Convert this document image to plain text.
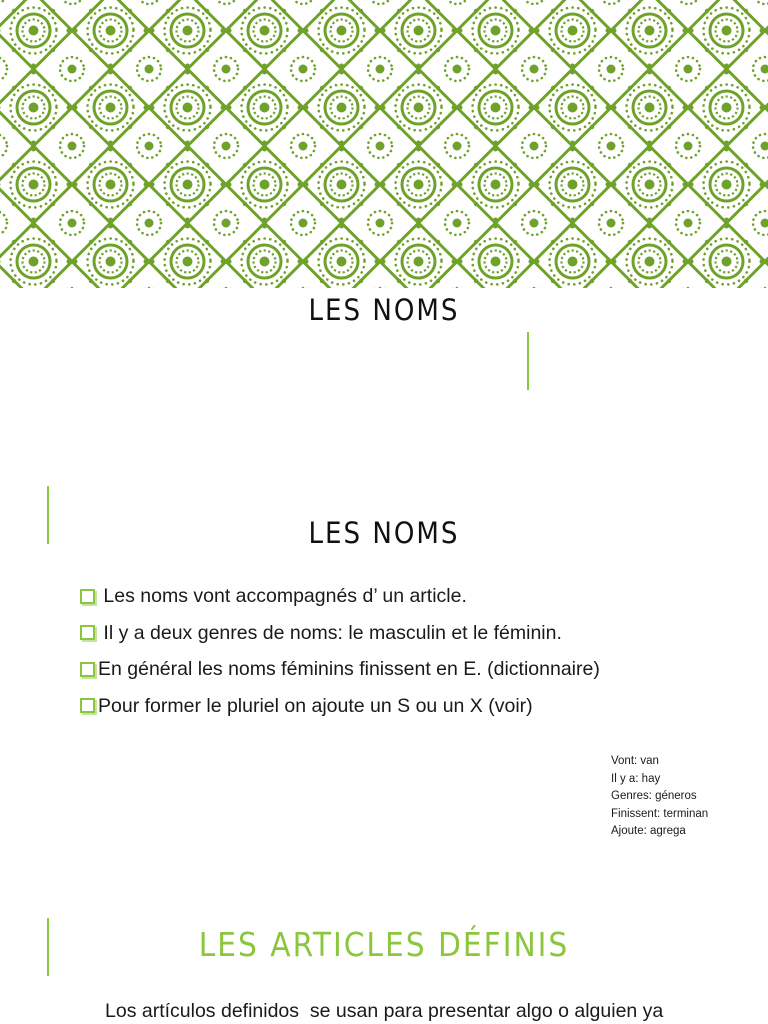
LES NOMS
LES NOMS
Les noms vont accompagnés d’ un article.
Il y a deux genres de noms: le masculin et le féminin.
En général les noms féminins finissent en E. (dictionnaire)
Pour former le pluriel on ajoute un S ou un X (voir)
Vont: van
Il y a: hay
Genres: géneros
Finissent: terminan
Ajoute: agrega
LES ARTICLES DÉFINIS
Los artículos definidos  se usan para presentar algo o alguien ya
